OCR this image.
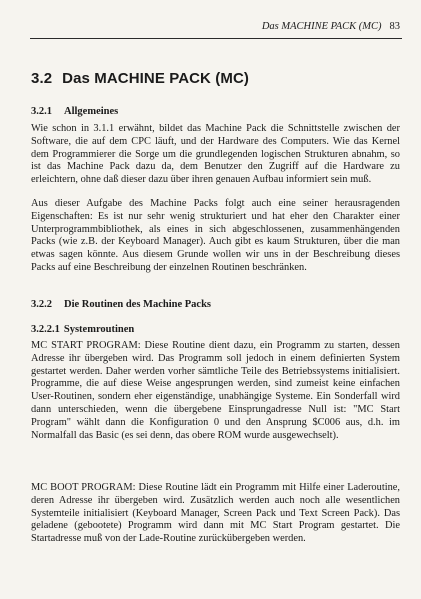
Das MACHINE PACK (MC) 83
3.2 Das MACHINE PACK (MC)
3.2.1 Allgemeines
Wie schon in 3.1.1 erwähnt, bildet das Machine Pack die Schnittstelle zwischen der Software, die auf dem CPC läuft, und der Hardware des Computers. Wie das Kernel dem Programmierer die Sorge um die grundlegenden logischen Strukturen abnahm, so ist das Machine Pack dazu da, dem Benutzer den Zugriff auf die Hardware zu erleichtern, ohne daß dieser dazu über ihren genauen Aufbau informiert sein muß.
Aus dieser Aufgabe des Machine Packs folgt auch eine seiner herausragenden Eigenschaften: Es ist nur sehr wenig strukturiert und hat eher den Charakter einer Unterprogrammbibliothek, als eines in sich abgeschlossenen, zusammenhängenden Packs (wie z.B. der Keyboard Manager). Auch gibt es kaum Strukturen, über die man etwas sagen könnte. Aus diesem Grunde wollen wir uns in der Beschreibung dieses Packs auf eine Beschreibung der einzelnen Routinen beschränken.
3.2.2 Die Routinen des Machine Packs
3.2.2.1 Systemroutinen
MC START PROGRAM: Diese Routine dient dazu, ein Programm zu starten, dessen Adresse ihr übergeben wird. Das Programm soll jedoch in einem definierten System gestartet werden. Daher werden vorher sämtliche Teile des Betriebssystems initialisiert. Programme, die auf diese Weise angesprungen werden, sind zumeist keine einfachen User-Routinen, sondern eher eigenständige, unabhängige Systeme. Ein Sonderfall wird dann unterschieden, wenn die übergebene Einsprungadresse Null ist: "MC Start Program" wählt dann die Konfiguration 0 und den Ansprung $C006 aus, d.h. im Normalfall das Basic (es sei denn, das obere ROM wurde ausgewechselt).
MC BOOT PROGRAM: Diese Routine lädt ein Programm mit Hilfe einer Laderoutine, deren Adresse ihr übergeben wird. Zusätzlich werden auch noch alle wesentlichen Systemteile initialisiert (Keyboard Manager, Screen Pack und Text Screen Pack). Das geladene (gebootete) Programm wird dann mit MC Start Program gestartet. Die Startadresse muß von der Lade-Routine zurückübergeben werden.
